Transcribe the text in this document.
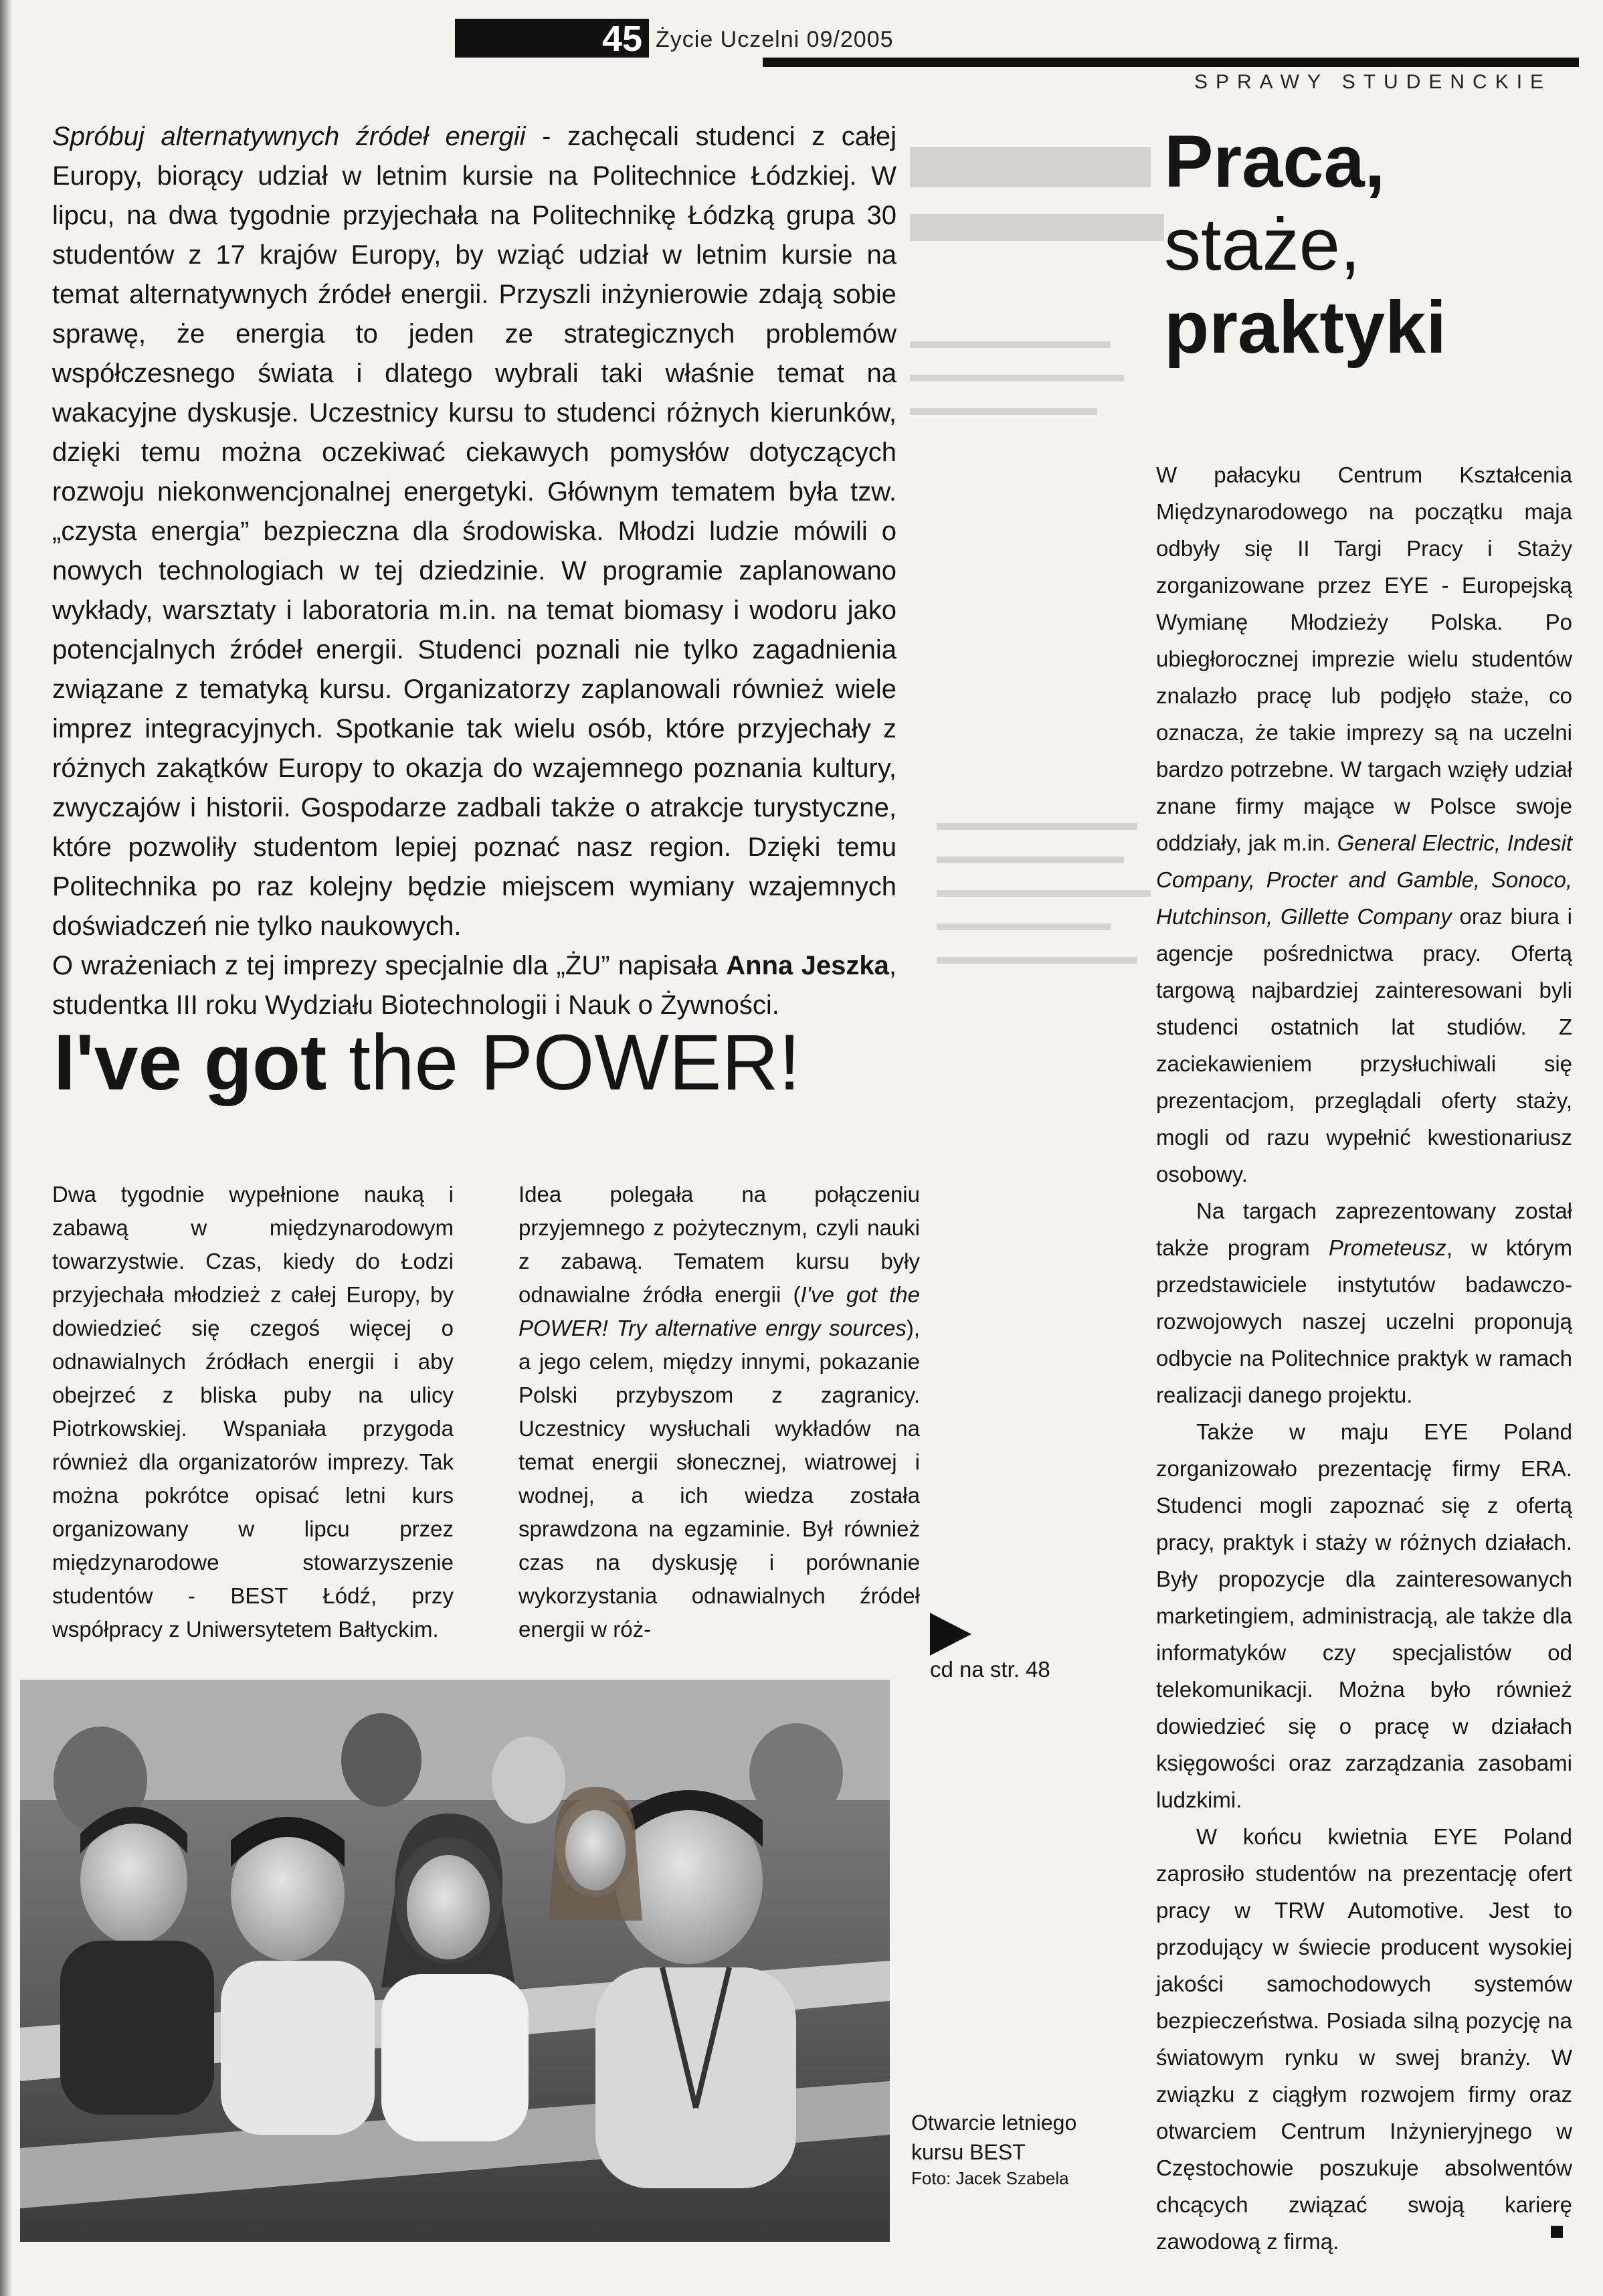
45 Życie Uczelni 09/2005
SPRAWY STUDENCKIE

Spróbuj alternatywnych źródeł energii - zachęcali studenci z całej Europy, biorący udział w letnim kursie na Politechnice Łódzkiej. W lipcu, na dwa tygodnie przyjechała na Politechnikę Łódzką grupa 30 studentów z 17 krajów Europy, by wziąć udział w letnim kursie na temat alternatywnych źródeł energii. Przyszli inżynierowie zdają sobie sprawę, że energia to jeden ze strategicznych problemów współczesnego świata i dlatego wybrali taki właśnie temat na wakacyjne dyskusje. Uczestnicy kursu to studenci różnych kierunków, dzięki temu można oczekiwać ciekawych pomysłów dotyczących rozwoju niekonwencjonalnej energetyki. Głównym tematem była tzw. „czysta energia” bezpieczna dla środowiska. Młodzi ludzie mówili o nowych technologiach w tej dziedzinie. W programie zaplanowano wykłady, warsztaty i laboratoria m.in. na temat biomasy i wodoru jako potencjalnych źródeł energii. Studenci poznali nie tylko zagadnienia związane z tematyką kursu. Organizatorzy zaplanowali również wiele imprez integracyjnych. Spotkanie tak wielu osób, które przyjechały z różnych zakątków Europy to okazja do wzajemnego poznania kultury, zwyczajów i historii. Gospodarze zadbali także o atrakcje turystyczne, które pozwoliły studentom lepiej poznać nasz region. Dzięki temu Politechnika po raz kolejny będzie miejscem wymiany wzajemnych doświadczeń nie tylko naukowych.

O wrażeniach z tej imprezy specjalnie dla „ŻU” napisała Anna Jeszka, studentka III roku Wydziału Biotechnologii i Nauk o Żywności.

I've got the POWER!

Dwa tygodnie wypełnione nauką i zabawą w międzynarodowym towarzystwie. Czas, kiedy do Łodzi przyjechała młodzież z całej Europy, by dowiedzieć się czegoś więcej o odnawialnych źródłach energii i aby obejrzeć z bliska puby na ulicy Piotrkowskiej. Wspaniała przygoda również dla organizatorów imprezy. Tak można pokrótce opisać letni kurs organizowany w lipcu przez międzynarodowe stowarzyszenie studentów - BEST Łódź, przy współpracy z Uniwersytetem Bałtyckim.

Idea polegała na połączeniu przyjemnego z pożytecznym, czyli nauki z zabawą. Tematem kursu były odnawialne źródła energii (I've got the POWER! Try alternative enrgy sources), a jego celem, między innymi, pokazanie Polski przybyszom z zagranicy. Uczestnicy wysłuchali wykładów na temat energii słonecznej, wiatrowej i wodnej, a ich wiedza została sprawdzona na egzaminie. Był również czas na dyskusję i porównanie wykorzystania odnawialnych źródeł energii w róż-

cd na str. 48
Otwarcie letniego kursu BEST
Foto: Jacek Szabela
Praca,
staże,
praktyki

W pałacyku Centrum Kształcenia Międzynarodowego na początku maja odbyły się II Targi Pracy i Staży zorganizowane przez EYE - Europejską Wymianę Młodzieży Polska. Po ubiegłorocznej imprezie wielu studentów znalazło pracę lub podjęło staże, co oznacza, że takie imprezy są na uczelni bardzo potrzebne. W targach wzięły udział znane firmy mające w Polsce swoje oddziały, jak m.in. General Electric, Indesit Company, Procter and Gamble, Sonoco, Hutchinson, Gillette Company oraz biura i agencje pośrednictwa pracy. Ofertą targową najbardziej zainteresowani byli studenci ostatnich lat studiów. Z zaciekawieniem przysłuchiwali się prezentacjom, przeglądali oferty staży, mogli od razu wypełnić kwestionariusz osobowy.

Na targach zaprezentowany został także program Prometeusz, w którym przedstawiciele instytutów badawczo-rozwojowych naszej uczelni proponują odbycie na Politechnice praktyk w ramach realizacji danego projektu.

Także w maju EYE Poland zorganizowało prezentację firmy ERA. Studenci mogli zapoznać się z ofertą pracy, praktyk i staży w różnych działach. Były propozycje dla zainteresowanych marketingiem, administracją, ale także dla informatyków czy specjalistów od telekomunikacji. Można było również dowiedzieć się o pracę w działach księgowości oraz zarządzania zasobami ludzkimi.

W końcu kwietnia EYE Poland zaprosiło studentów na prezentację ofert pracy w TRW Automotive. Jest to przodujący w świecie producent wysokiej jakości samochodowych systemów bezpieczeństwa. Posiada silną pozycję na światowym rynku w swej branży. W związku z ciągłym rozwojem firmy oraz otwarciem Centrum Inżynieryjnego w Częstochowie poszukuje absolwentów chcących związać swoją karierę zawodową z firmą.
